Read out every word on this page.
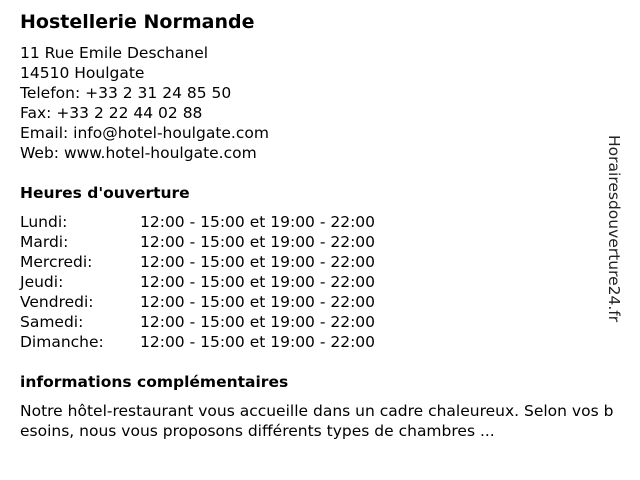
Hostellerie Normande
11 Rue Emile Deschanel
14510 Houlgate
Telefon: +33 2 31 24 85 50
Fax: +33 2 22 44 02 88
Email: info@hotel-houlgate.com
Web: www.hotel-houlgate.com
Heures d'ouverture
Lundi:	12:00 - 15:00 et 19:00 - 22:00
Mardi:	12:00 - 15:00 et 19:00 - 22:00
Mercredi:	12:00 - 15:00 et 19:00 - 22:00
Jeudi:	12:00 - 15:00 et 19:00 - 22:00
Vendredi:	12:00 - 15:00 et 19:00 - 22:00
Samedi:	12:00 - 15:00 et 19:00 - 22:00
Dimanche:	12:00 - 15:00 et 19:00 - 22:00
informations complémentaires
Notre hôtel-restaurant vous accueille dans un cadre chaleureux. Selon vos besoins, nous vous proposons différents types de chambres ...
Horairesdouverture24.fr
